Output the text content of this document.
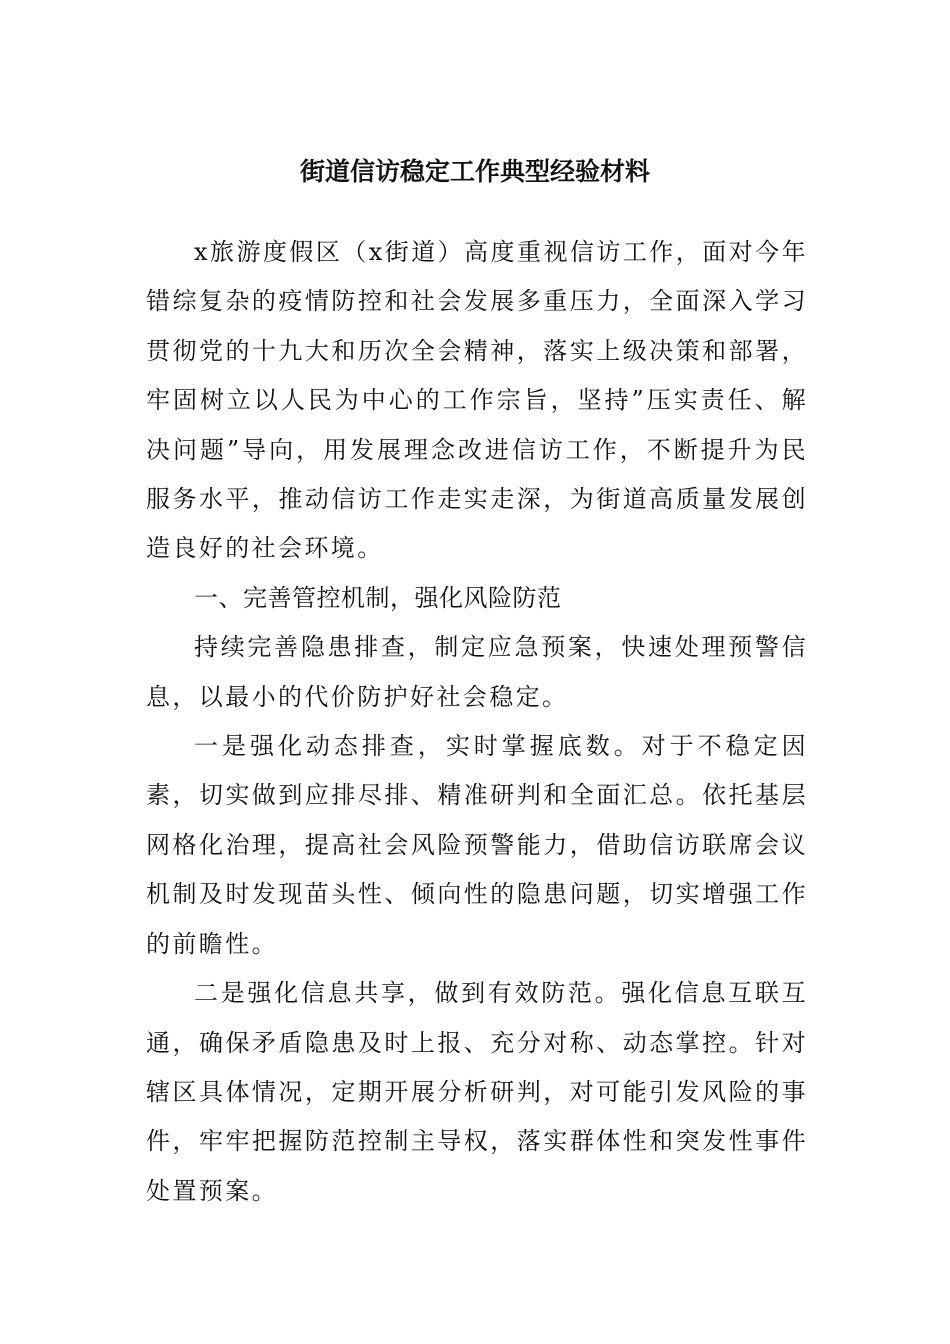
街道信访稳定工作典型经验材料

x旅游度假区（x街道）高度重视信访工作，面对今年错综复杂的疫情防控和社会发展多重压力，全面深入学习贯彻党的十九大和历次全会精神，落实上级决策和部署，牢固树立以人民为中心的工作宗旨，坚持”压实责任、解决问题”导向，用发展理念改进信访工作，不断提升为民服务水平，推动信访工作走实走深，为街道高质量发展创造良好的社会环境。

一、完善管控机制，强化风险防范

持续完善隐患排查，制定应急预案，快速处理预警信息，以最小的代价防护好社会稳定。

一是强化动态排查，实时掌握底数。对于不稳定因素，切实做到应排尽排、精准研判和全面汇总。依托基层网格化治理，提高社会风险预警能力，借助信访联席会议机制及时发现苗头性、倾向性的隐患问题，切实增强工作的前瞻性。

二是强化信息共享，做到有效防范。强化信息互联互通，确保矛盾隐患及时上报、充分对称、动态掌控。针对辖区具体情况，定期开展分析研判，对可能引发风险的事件，牢牢把握防范控制主导权，落实群体性和突发性事件处置预案。
